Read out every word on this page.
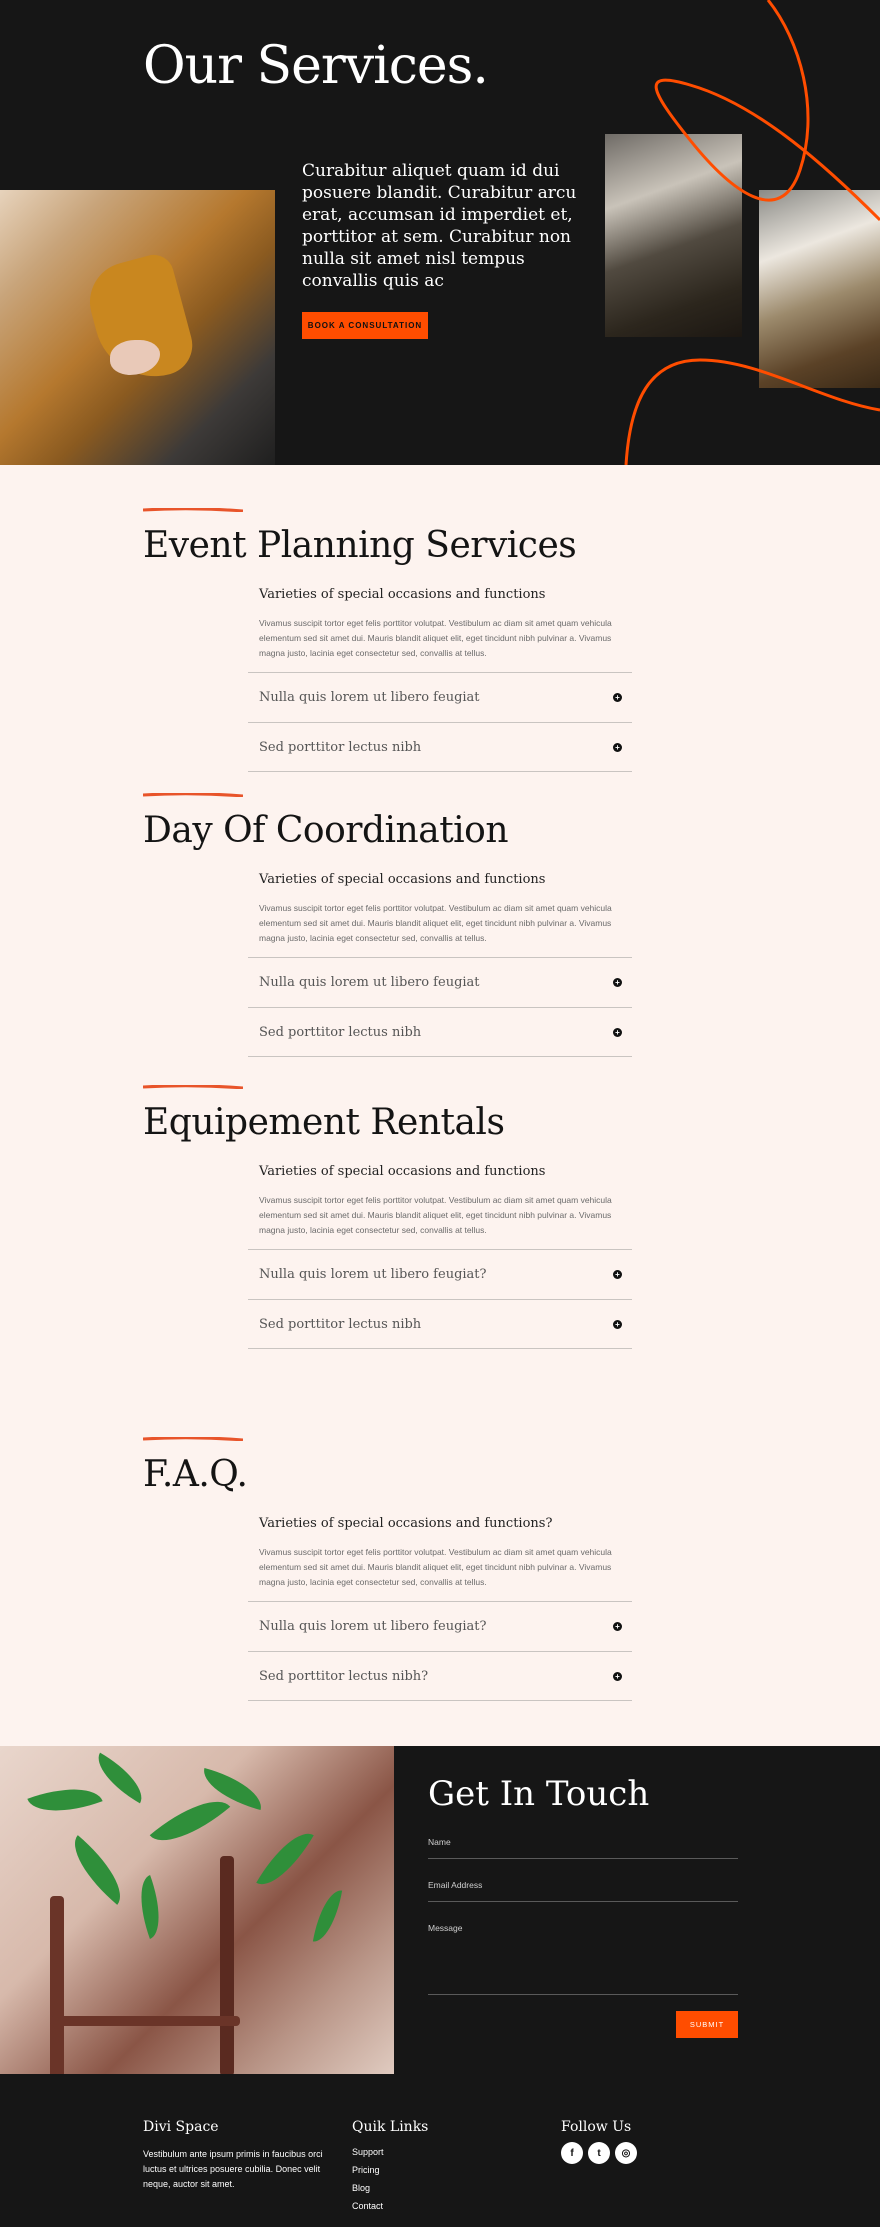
Our Services.

Curabitur aliquet quam id dui posuere blandit. Curabitur arcu erat, accumsan id imperdiet et, porttitor at sem. Curabitur non nulla sit amet nisl tempus convallis quis ac

BOOK A CONSULTATION
Event Planning Services
Varieties of special occasions and functions

Vivamus suscipit tortor eget felis porttitor volutpat. Vestibulum ac diam sit amet quam vehicula elementum sed sit amet dui. Mauris blandit aliquet elit, eget tincidunt nibh pulvinar a. Vivamus magna justo, lacinia eget consectetur sed, convallis at tellus.

Nulla quis lorem ut libero feugiat	+
Sed porttitor lectus nibh	+
Day Of Coordination
Varieties of special occasions and functions

Vivamus suscipit tortor eget felis porttitor volutpat. Vestibulum ac diam sit amet quam vehicula elementum sed sit amet dui. Mauris blandit aliquet elit, eget tincidunt nibh pulvinar a. Vivamus magna justo, lacinia eget consectetur sed, convallis at tellus.

Nulla quis lorem ut libero feugiat	+
Sed porttitor lectus nibh	+
Equipement Rentals
Varieties of special occasions and functions

Vivamus suscipit tortor eget felis porttitor volutpat. Vestibulum ac diam sit amet quam vehicula elementum sed sit amet dui. Mauris blandit aliquet elit, eget tincidunt nibh pulvinar a. Vivamus magna justo, lacinia eget consectetur sed, convallis at tellus.

Nulla quis lorem ut libero feugiat?	+
Sed porttitor lectus nibh	+
F.A.Q.
Varieties of special occasions and functions?

Vivamus suscipit tortor eget felis porttitor volutpat. Vestibulum ac diam sit amet quam vehicula elementum sed sit amet dui. Mauris blandit aliquet elit, eget tincidunt nibh pulvinar a. Vivamus magna justo, lacinia eget consectetur sed, convallis at tellus.

Nulla quis lorem ut libero feugiat?	+
Sed porttitor lectus nibh?	+
Get In Touch
Name
Email Address
Message
SUBMIT
Divi Space

Vestibulum ante ipsum primis in faucibus orci luctus et ultrices posuere cubilia. Donec velit neque, auctor sit amet.

Quik Links
Support
Pricing
Blog
Contact
Follow Us
f	t	◎
